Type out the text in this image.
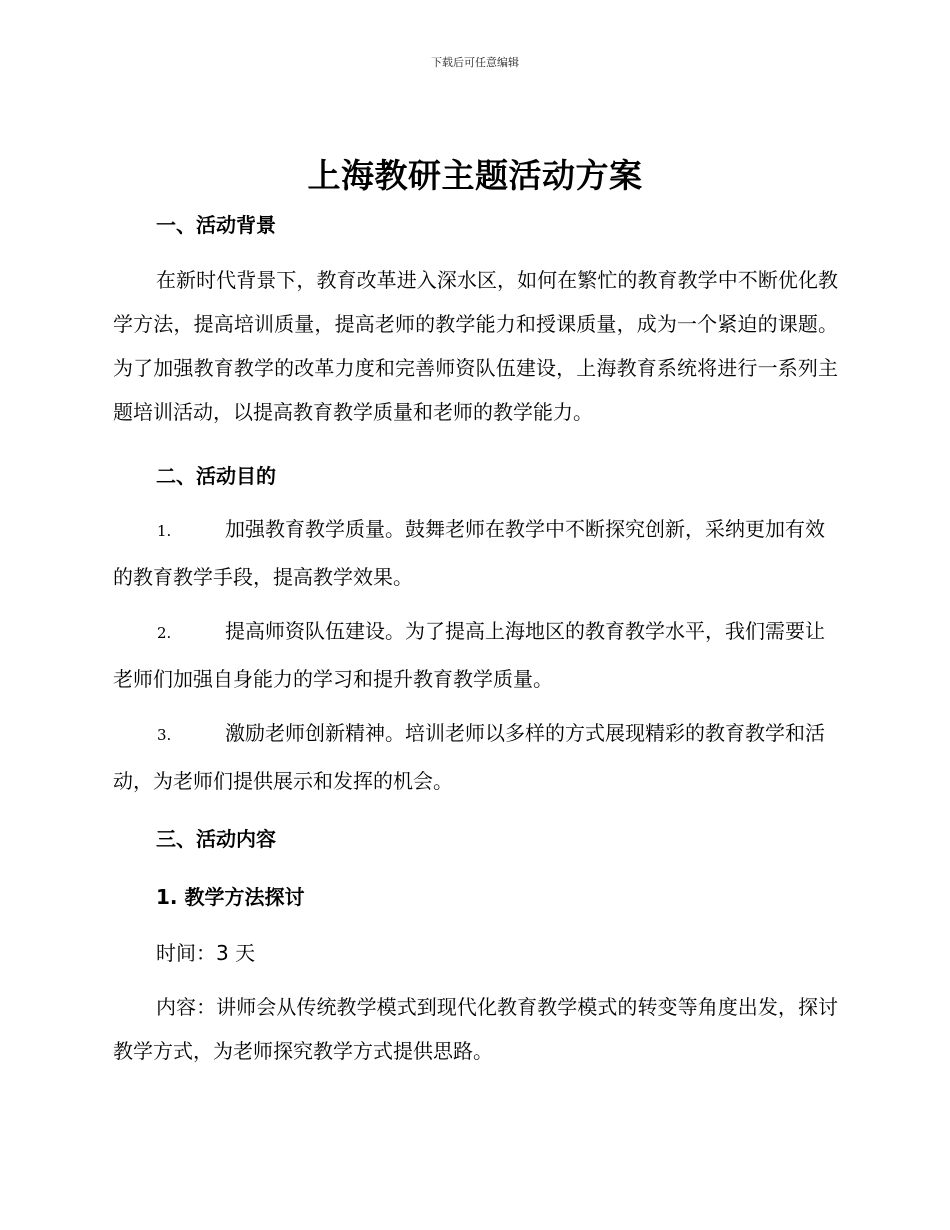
下载后可任意编辑
上海教研主题活动方案
一、活动背景
在新时代背景下，教育改革进入深水区，如何在繁忙的教育教学中不断优化教学方法，提高培训质量，提高老师的教学能力和授课质量，成为一个紧迫的课题。为了加强教育教学的改革力度和完善师资队伍建设，上海教育系统将进行一系列主题培训活动，以提高教育教学质量和老师的教学能力。
二、活动目的
1.	加强教育教学质量。鼓舞老师在教学中不断探究创新，采纳更加有效的教育教学手段，提高教学效果。
2.	提高师资队伍建设。为了提高上海地区的教育教学水平，我们需要让老师们加强自身能力的学习和提升教育教学质量。
3.	激励老师创新精神。培训老师以多样的方式展现精彩的教育教学和活动，为老师们提供展示和发挥的机会。
三、活动内容
1. 教学方法探讨
时间：3 天
内容：讲师会从传统教学模式到现代化教育教学模式的转变等角度出发，探讨教学方式，为老师探究教学方式提供思路。
